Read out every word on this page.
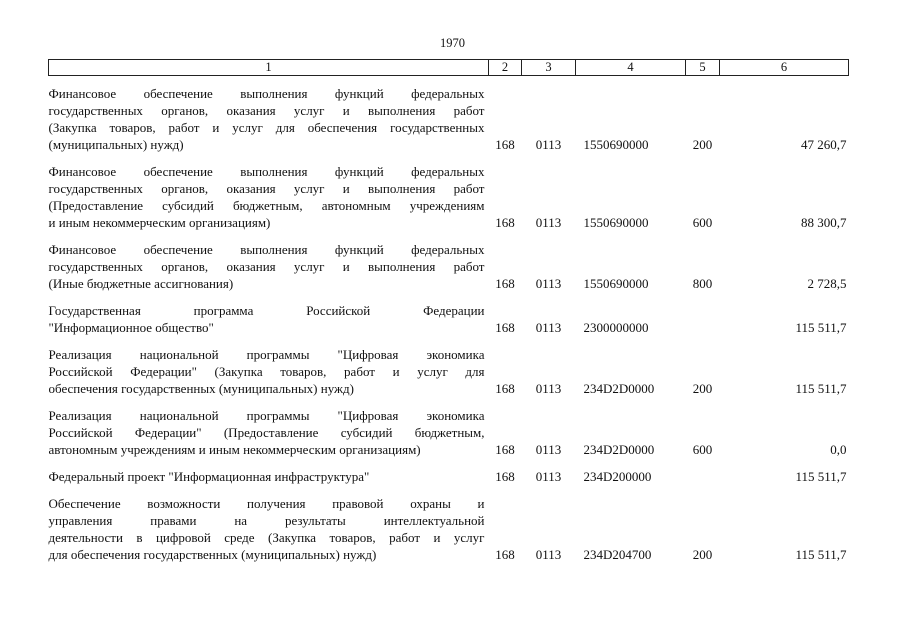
1970
1	2	3	4	5	6

Финансовое обеспечение выполнения функций федеральных
государственных органов, оказания услуг и выполнения работ
(Закупка товаров, работ и услуг для обеспечения государственных
(муниципальных) нужд)	168	0113	1550690000	200	47 260,7

Финансовое обеспечение выполнения функций федеральных
государственных органов, оказания услуг и выполнения работ
(Предоставление субсидий бюджетным, автономным учреждениям
и иным некоммерческим организациям)	168	0113	1550690000	600	88 300,7

Финансовое обеспечение выполнения функций федеральных
государственных органов, оказания услуг и выполнения работ
(Иные бюджетные ассигнования)	168	0113	1550690000	800	2 728,5

Государственная программа Российской Федерации
"Информационное общество"	168	0113	2300000000		115 511,7

Реализация национальной программы "Цифровая экономика
Российской Федерации" (Закупка товаров, работ и услуг для
обеспечения государственных (муниципальных) нужд)	168	0113	234D2D0000	200	115 511,7

Реализация национальной программы "Цифровая экономика
Российской Федерации" (Предоставление субсидий бюджетным,
автономным учреждениям и иным некоммерческим организациям)	168	0113	234D2D0000	600	0,0

Федеральный проект "Информационная инфраструктура"	168	0113	234D200000		115 511,7

Обеспечение возможности получения правовой охраны и
управления правами на результаты интеллектуальной
деятельности в цифровой среде (Закупка товаров, работ и услуг
для обеспечения государственных (муниципальных) нужд)	168	0113	234D204700	200	115 511,7
